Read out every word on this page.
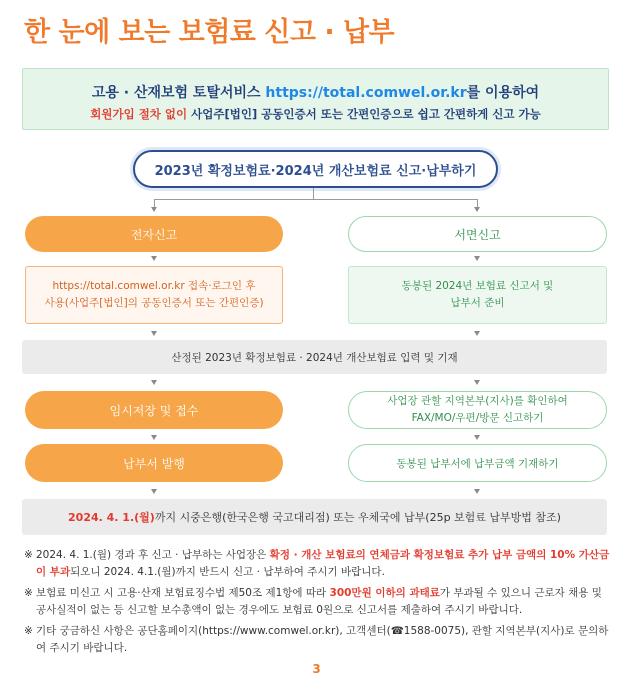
한 눈에 보는 보험료 신고 · 납부
고용 · 산재보험 토탈서비스 https://total.comwel.or.kr를 이용하여
회원가입 절차 없이 사업주[법인] 공동인증서 또는 간편인증으로 쉽고 간편하게 신고 가능
2023년 확정보험료·2024년 개산보험료 신고·납부하기
전자신고	서면신고
https://total.comwel.or.kr 접속·로그인 후
사용(사업주[법인]의 공동인증서 또는 간편인증)
동봉된 2024년 보험료 신고서 및
납부서 준비
산정된 2023년 확정보험료 · 2024년 개산보험료 입력 및 기재
임시저장 및 접수
사업장 관할 지역본부(지사)를 확인하여
FAX/MO/우편/방문 신고하기
납부서 발행	동봉된 납부서에 납부금액 기재하기
2024. 4. 1.(월) 까지 시중은행(한국은행 국고대리점) 또는 우체국에 납부(25p 보험료 납부방법 참조)
※ 2024. 4. 1.(월) 경과 후 신고 · 납부하는 사업장은 확정 · 개산 보험료의 연체금과 확정보험료 추가 납부 금액의 10% 가산금이 부과되오니 2024. 4.1.(월)까지 반드시 신고 · 납부하여 주시기 바랍니다.
※ 보험료 미신고 시 고용·산재 보험료징수법 제50조 제1항에 따라 300만원 이하의 과태료가 부과될 수 있으니 근로자 채용 및 공사실적이 없는 등 신고할 보수총액이 없는 경우에도 보험료 0원으로 신고서를 제출하여 주시기 바랍니다.
※ 기타 궁금하신 사항은 공단홈페이지(https://www.comwel.or.kr), 고객센터(☎1588-0075), 관할 지역본부(지사)로 문의하여 주시기 바랍니다.
3
